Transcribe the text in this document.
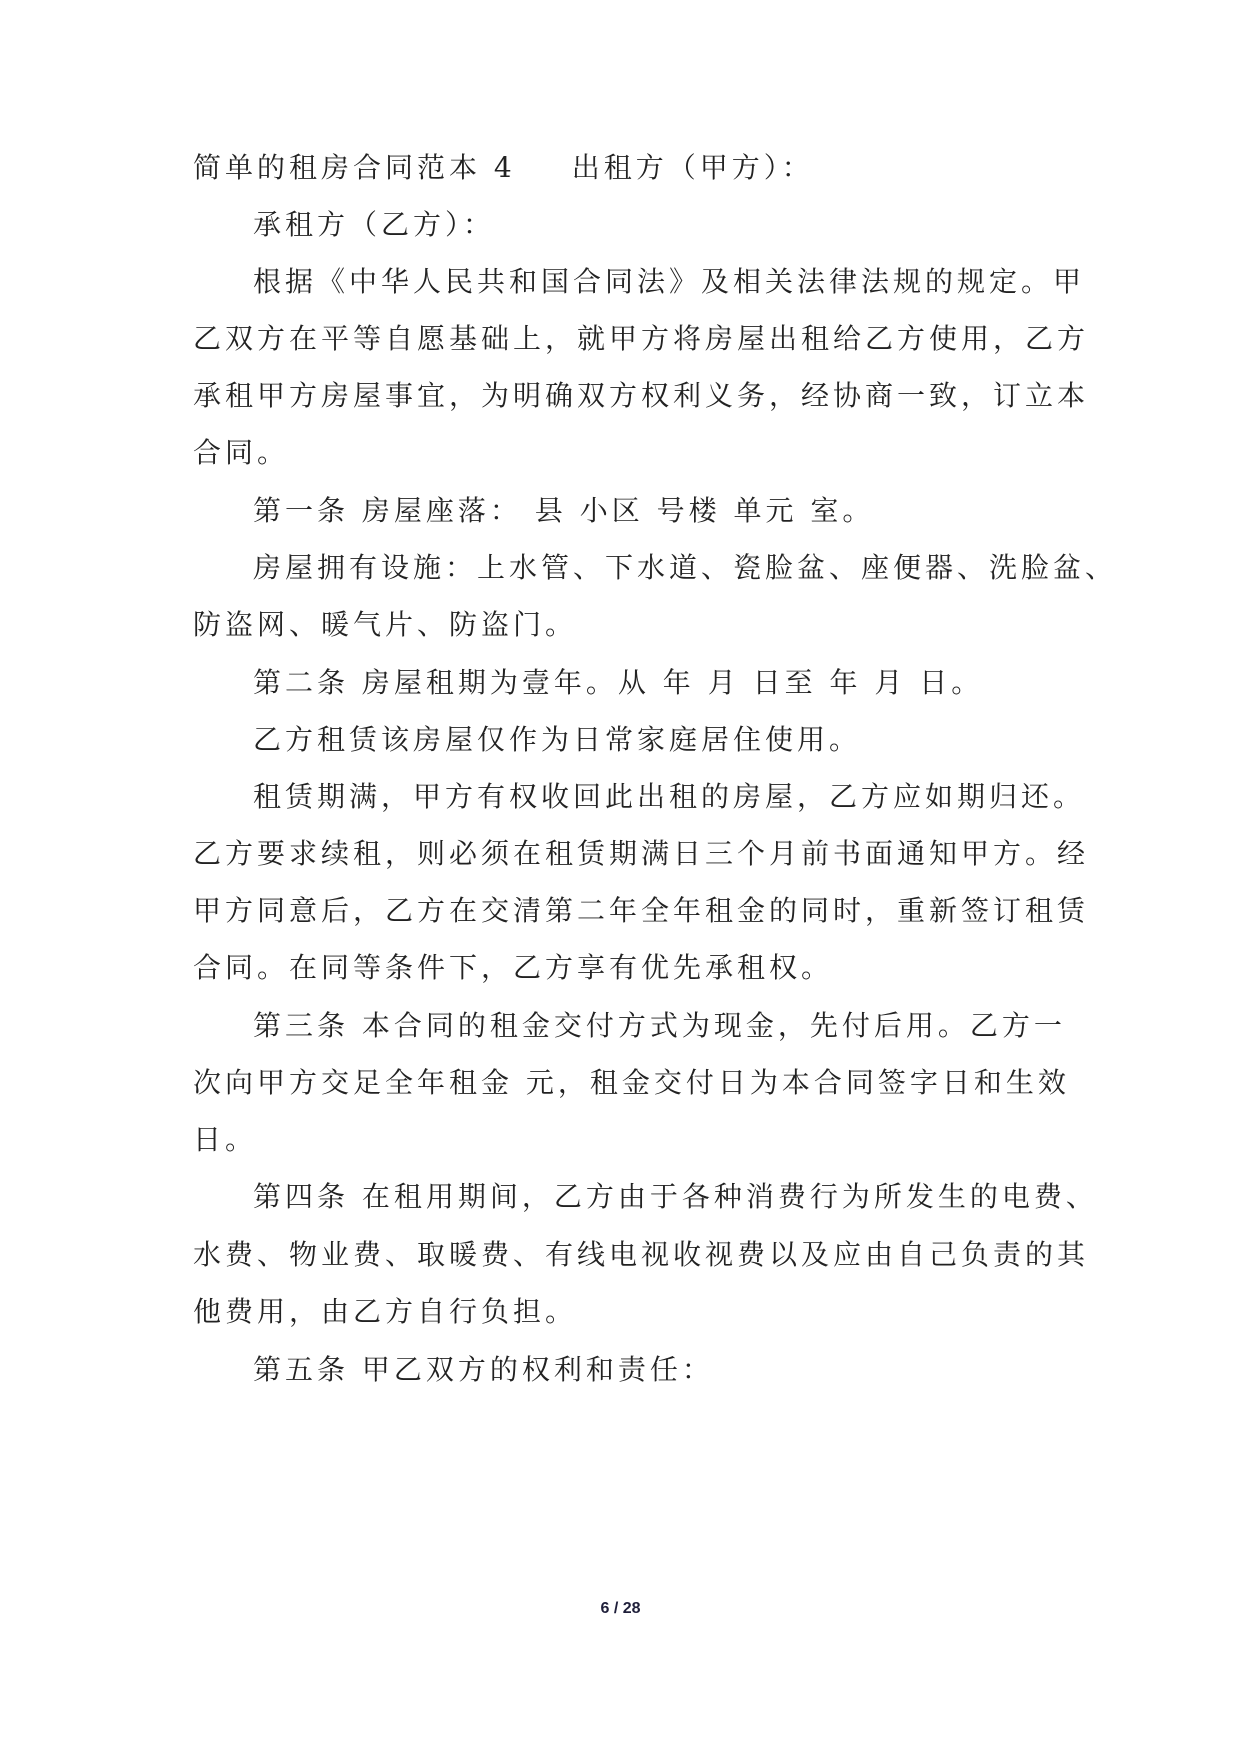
简单的租房合同范本 4 出租方（甲方）：
承租方（乙方）：
根据《中华人民共和国合同法》及相关法律法规的规定。甲
乙双方在平等自愿基础上，就甲方将房屋出租给乙方使用，乙方
承租甲方房屋事宜，为明确双方权利义务，经协商一致，订立本
合同。
第一条 房屋座落： 县 小区 号楼 单元 室。
房屋拥有设施：上水管、下水道、瓷脸盆、座便器、洗脸盆、
防盗网、暖气片、防盗门。
第二条 房屋租期为壹年。从 年 月 日至 年 月 日。
乙方租赁该房屋仅作为日常家庭居住使用。
租赁期满，甲方有权收回此出租的房屋，乙方应如期归还。
乙方要求续租，则必须在租赁期满日三个月前书面通知甲方。经
甲方同意后，乙方在交清第二年全年租金的同时，重新签订租赁
合同。在同等条件下，乙方享有优先承租权。
第三条 本合同的租金交付方式为现金，先付后用。乙方一
次向甲方交足全年租金 元，租金交付日为本合同签字日和生效
日。
第四条 在租用期间，乙方由于各种消费行为所发生的电费、
水费、物业费、取暖费、有线电视收视费以及应由自己负责的其
他费用，由乙方自行负担。
第五条 甲乙双方的权利和责任：
6 / 28
